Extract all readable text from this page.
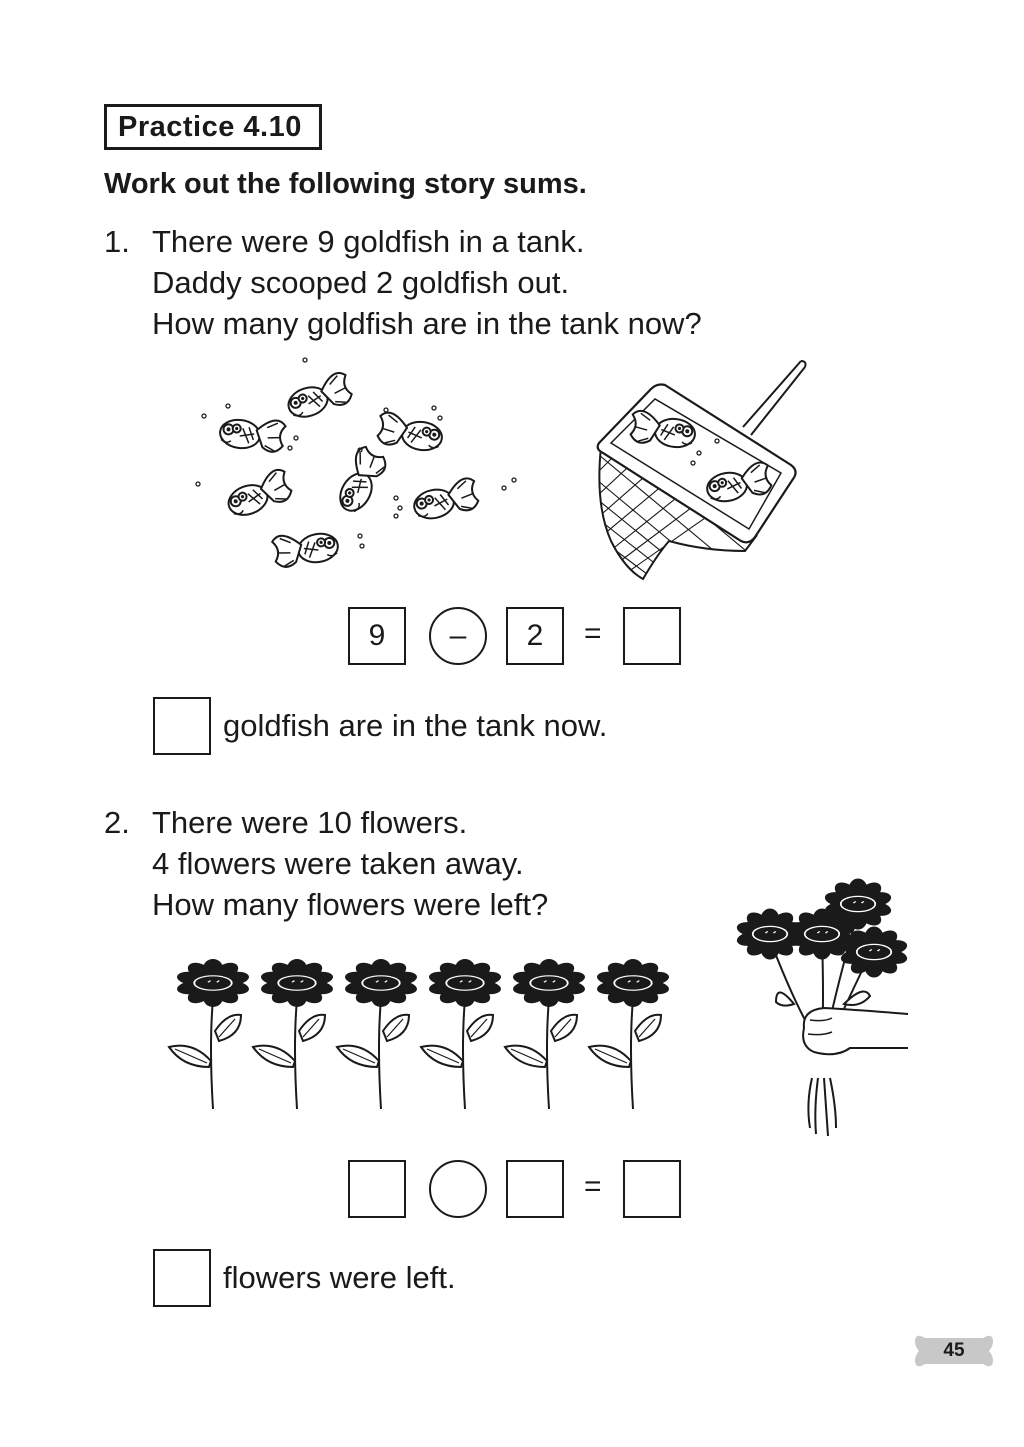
Practice 4.10
Work out the following story sums.
1. There were 9 goldfish in a tank.
Daddy scooped 2 goldfish out.
How many goldfish are in the tank now?
9	–	2	=
goldfish are in the tank now.
2. There were 10 flowers.
4 flowers were taken away.
How many flowers were left?
=
flowers were left.
45
